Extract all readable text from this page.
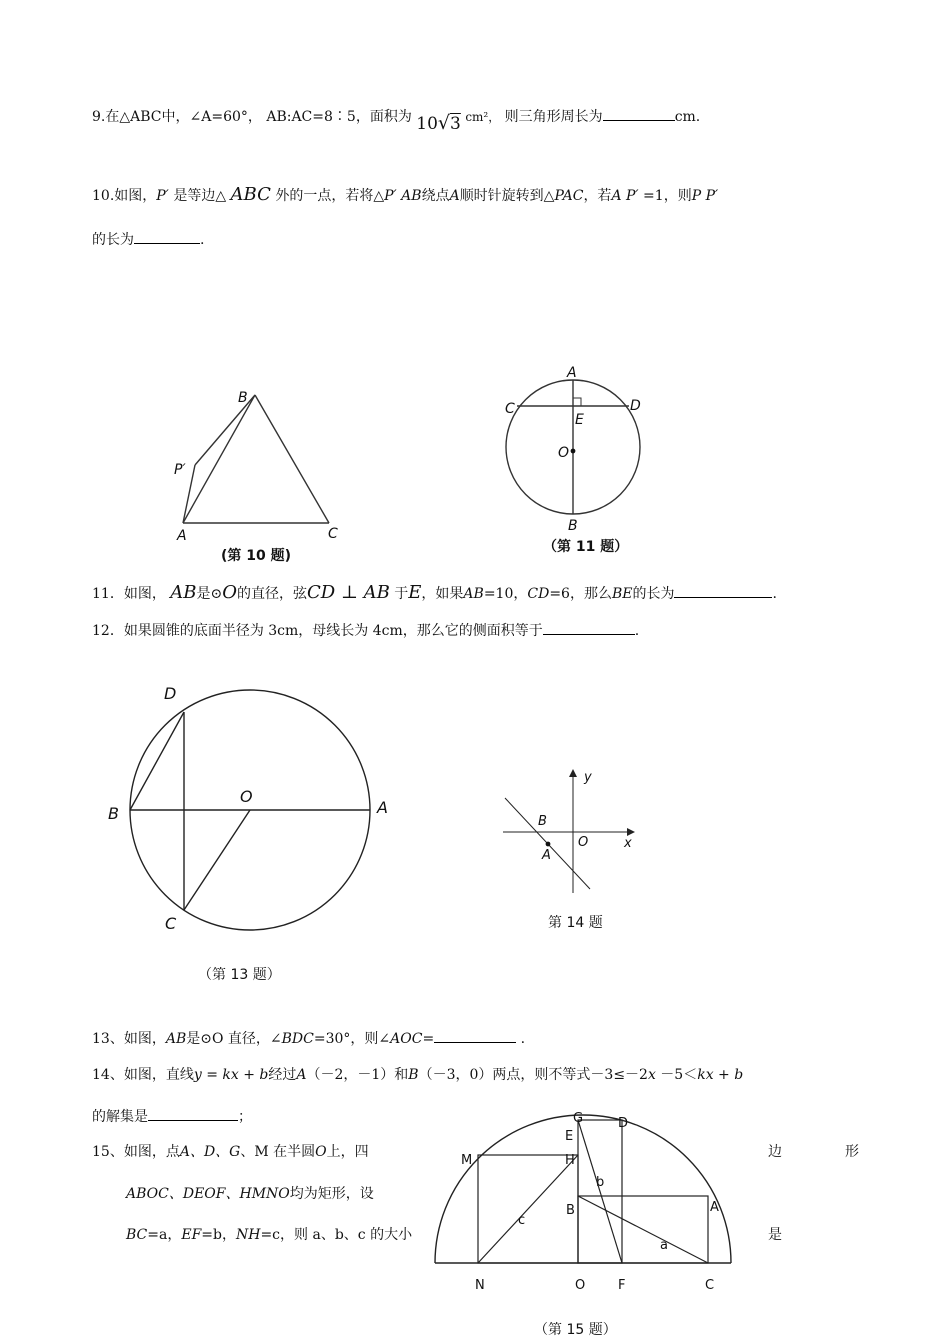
9.在△ABC中，∠A=60°， AB:AC=8∶5，面积为 10√3 cm²， 则三角形周长为	cm.
10.如图，P′ 是等边△ ABC 外的一点，若将△P′ AB绕点A顺时针旋转到△PAC，若A P′ =1，则P P′
的长为	.
B
P′
A	C
(第 10 题)
A
C	D
E
O
B
（第 11 题）
11．如图， AB是⊙O的直径，弦CD ⊥ AB 于E，如果AB=10，CD=6，那么BE的长为	.
12．如果圆锥的底面半径为 3cm，母线长为 4cm，那么它的侧面积等于	.
D
O
B	A
C
（第 13 题）
y
x
B
O
A
第 14 题
13、如图，AB是⊙O 直径，∠BDC=30°，则∠AOC=	.
14、如图，直线y = kx + b经过A（－2，－1）和B（－3，0）两点，则不等式－3≤－2x －5＜kx + b
的解集是	；
15、如图，点A、D、G、M 在半圆O上，四	边	形
ABOC、DEOF、HMNO均为矩形，设
BC=a，EF=b，NH=c，则 a、b、c 的大小	是
G	D
E
M	H
b
B	A
c
a
N	O	F	C
（第 15 题）
